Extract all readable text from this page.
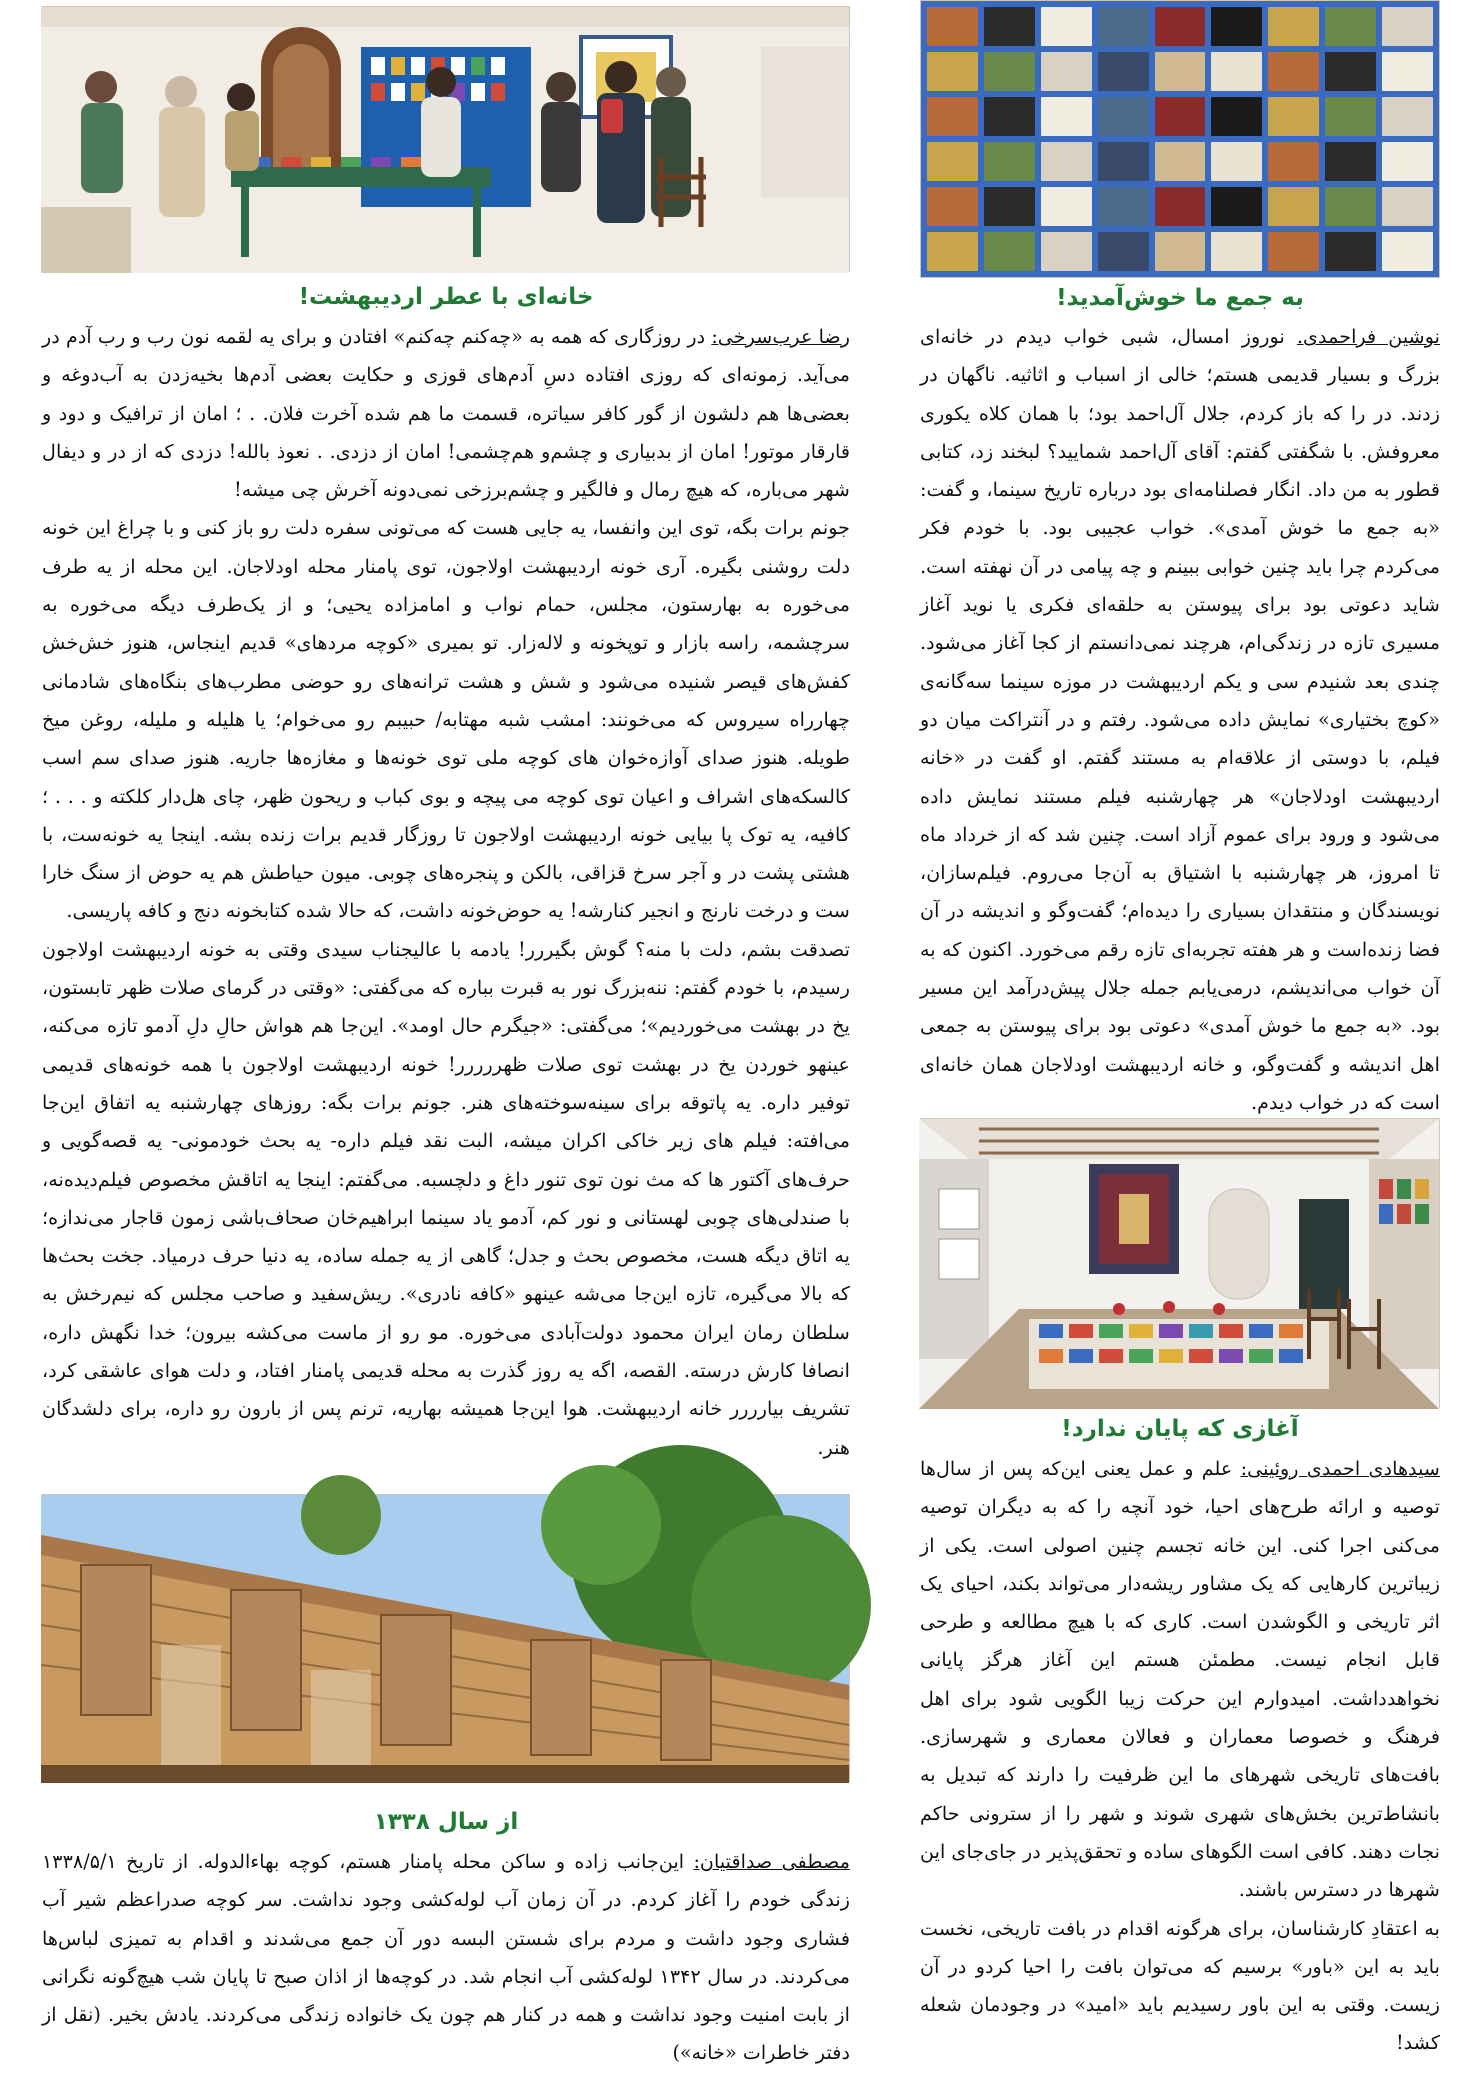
به جمع ما خوش‌آمدید!
نوشین فراحمدی. نوروز امسال، شبی خواب دیدم در خانه‌ای بزرگ و بسیار قدیمی هستم؛ خالی از اسباب و اثاثیه. ناگهان در زدند. در را که باز کردم، جلال آل‌احمد بود؛ با همان کلاه یکوری معروفش. با شگفتی گفتم: آقای آل‌احمد شمایید؟ لبخند زد، کتابی قطور به من داد. انگار فصلنامه‌ای بود درباره تاریخ سینما، و گفت: «به جمع ما خوش آمدی». خواب عجیبی بود. با خودم فکر می‌کردم چرا باید چنین خوابی ببینم و چه پیامی در آن نهفته است. شاید دعوتی بود برای پیوستن به حلقه‌ای فکری یا نوید آغاز مسیری تازه در زندگی‌ام، هرچند نمی‌دانستم از کجا آغاز می‌شود. چندی بعد شنیدم سی و یکم اردیبهشت در موزه سینما سه‌گانه‌ی «کوچ بختیاری» نمایش داده می‌شود. رفتم و در آنتراکت میان دو فیلم، با دوستی از علاقه‌ام به مستند گفتم. او گفت در «خانه اردیبهشت اودلاجان» هر چهارشنبه فیلم مستند نمایش داده می‌شود و ورود برای عموم آزاد است. چنین شد که از خرداد ماه تا امروز، هر چهارشنبه با اشتیاق به آن‌جا می‌روم. فیلم‌سازان، نویسندگان و منتقدان بسیاری را دیده‌ام؛ گفت‌وگو و اندیشه در آن فضا زنده‌است و هر هفته تجربه‌ای تازه رقم می‌خورد. اکنون که به آن خواب می‌اندیشم، درمی‌یابم جمله جلال پیش‌درآمد این مسیر بود. «به جمع ما خوش آمدی» دعوتی بود برای پیوستن به جمعی اهل اندیشه و گفت‌وگو، و خانه اردیبهشت اودلاجان همان خانه‌ای است که در خواب دیدم.
آغازی که پایان ندارد!
سیدهادی احمدی روئینی: علم و عمل یعنی این‌که پس از سال‌ها توصیه و ارائه طرح‌های احیا، خود آنچه را که به دیگران توصیه می‌کنی اجرا کنی. این خانه تجسم چنین اصولی است. یکی از زیباترین کارهایی که یک مشاور ریشه‌دار می‌تواند بکند، احیای یک اثر تاریخی و الگوشدن است. کاری که با هیچ مطالعه و طرحی قابل انجام نیست. مطمئن هستم این آغاز هرگز پایانی نخواهدداشت. امیدوارم این حرکت زیبا الگویی شود برای اهل فرهنگ و خصوصا معماران و فعالان معماری و شهرسازی. بافت‌های تاریخی شهرهای ما این ظرفیت را دارند که تبدیل به بانشاط‌ترین بخش‌های شهری شوند و شهر را از سترونی حاکم نجات دهند. کافی است الگوهای ساده و تحقق‌پذیر در جای‌جای این شهرها در دسترس باشند.
به اعتقادِ کارشناسان، برای هرگونه اقدام در بافت تاریخی، نخست باید به این «باور» برسیم که می‌توان بافت را احیا کردو در آن زیست. وقتی به این باور رسیدیم باید «امید» در وجودمان شعله کشد!
خانه‌ای با عطر اردیبهشت!
رضا عرب‌سرخی: در روزگاری که همه به «چه‌کنم چه‌کنم» افتادن و برای یه لقمه نون رب و رب آدم در می‌آید. زمونه‌ای که روزی افتاده دسِ آدم‌های قوزی و حکایت بعضی آدم‌ها بخیه‌زدن به آب‌دوغه و بعضی‌ها هم دلشون از گور کافر سیاتره، قسمت ما هم شده آخرت فلان. . ؛ امان از ترافیک و دود و قارقار موتور! امان از بدبیاری و چشم‌و هم‌چشمی! امان از دزدی. . نعوذ بالله! دزدی که از در و دیفال شهر می‌باره، که هیچ رمال و فالگیر و چشم‌برزخی نمی‌دونه آخرش چی میشه!
جونم برات بگه، توی این وانفسا، یه جایی هست که می‌تونی سفره دلت رو باز کنی و با چراغ این خونه دلت روشنی بگیره. آری خونه اردیبهشت اولاجون، توی پامنار محله اودلاجان. این محله از یه طرف می‌خوره به بهارستون، مجلس، حمام نواب و امامزاده یحیی؛ و از یک‌طرف دیگه می‌خوره به سرچشمه، راسه بازار و توپخونه و لاله‌زار. تو بمیری «کوچه مردهای» قدیم اینجاس، هنوز خش‌خش کفش‌های قیصر شنیده می‌شود و شش و هشت ترانه‌های رو حوضی مطرب‌های بنگاه‌های شادمانی چهارراه سیروس که می‌خونند: امشب شبه مهتابه/ حبیبم رو می‌خوام؛ یا هلیله و ملیله، روغن میخ طویله. هنوز صدای آوازه‌خوان های کوچه ملی توی خونه‌ها و مغازه‌ها جاریه. هنوز صدای سم اسب کالسکه‌های اشراف و اعیان توی کوچه می پیچه و بوی کباب و ریحون ظهر، چای هل‌دار کلکته و . . . ؛ کافیه، یه توک پا بیایی خونه اردیبهشت اولاجون تا روزگار قدیم برات زنده بشه. اینجا یه خونه‌ست، با هشتی پشت در و آجر سرخ قزاقی، بالکن و پنجره‌های چوبی. میون حیاطش هم یه حوض از سنگ خارا ست و درخت نارنج و انجیر کنارشه! یه حوض‌خونه داشت، که حالا شده کتابخونه دنج و کافه پاریسی.
تصدقت بشم، دلت با منه؟ گوش بگیررر! یادمه با عالیجناب سیدی وقتی به خونه اردیبهشت اولاجون رسیدم، با خودم گفتم: ننه‌بزرگ نور به قبرت بباره که می‌گفتی: «وقتی در گرمای صلات ظهر تابستون، یخ در بهشت می‌خوردیم»؛ می‌گفتی: «جیگرم حال اومد». این‌جا هم هواش حالِ دلِ آدمو تازه می‌کنه، عینهو خوردن یخ در بهشت توی صلات ظهررررر! خونه اردیبهشت اولاجون با همه خونه‌های قدیمی توفیر داره. یه پاتوقه برای سینه‌سوخته‌های هنر. جونم برات بگه: روزهای چهارشنبه یه اتفاق این‌جا می‌افته: فیلم های زیر خاکی اکران میشه، البت نقد فیلم داره- یه بحث خودمونی- یه قصه‌گویی و حرف‌های آکتور ها که مث نون توی تنور داغ و دلچسبه. می‌گفتم: اینجا یه اتاقش مخصوص فیلم‌دیده‌نه، با صندلی‌های چوبی لهستانی و نور کم، آدمو یاد سینما ابراهیم‌خان صحاف‌باشی زمون قاجار می‌ندازه؛ یه اتاق دیگه هست، مخصوص بحث و جدل؛ گاهی از یه جمله ساده، یه دنیا حرف درمیاد. جخت بحث‌ها که بالا می‌گیره، تازه این‌جا می‌شه عینهو «کافه نادری». ریش‌سفید و صاحب مجلس که نیم‌رخش به سلطان رمان ایران محمود دولت‌آبادی می‌خوره. مو رو از ماست می‌کشه بیرون؛ خدا نگهش داره، انصافا کارش درسته. القصه، اگه یه روز گذرت به محله قدیمی پامنار افتاد، و دلت هوای عاشقی کرد، تشریف بیارررر خانه اردیبهشت. هوا این‌جا همیشه بهاریه، ترنم پس از بارون رو داره، برای دلشدگان هنر.
از سال ۱۳۳۸
مصطفی صداقتیان: این‌جانب زاده و ساکن محله پامنار هستم، کوچه بهاءالدوله. از تاریخ ۱۳۳۸/۵/۱ زندگی خودم را آغاز کردم. در آن زمان آب لوله‌کشی وجود نداشت. سر کوچه صدراعظم شیر آب فشاری وجود داشت و مردم برای شستن البسه دور آن جمع می‌شدند و اقدام به تمیزی لباس‌ها می‌کردند. در سال ۱۳۴۲ لوله‌کشی آب انجام شد. در کوچه‌ها از اذان صبح تا پایان شب هیچ‌گونه نگرانی از بابت امنیت وجود نداشت و همه در کنار هم چون یک خانواده زندگی می‌کردند. یادش بخیر. (نقل از دفتر خاطرات «خانه»)
